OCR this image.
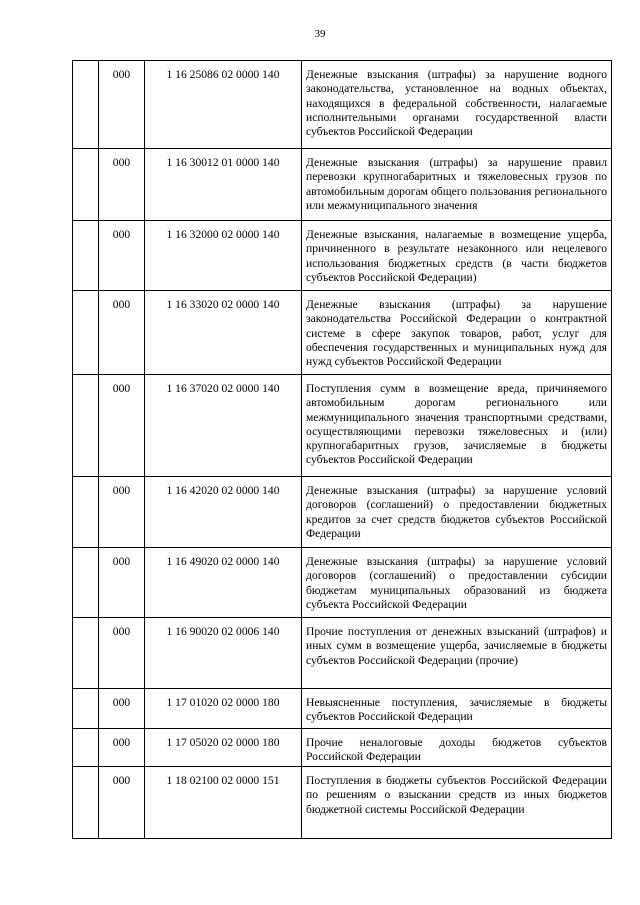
39
	000	1 16 25086 02 0000 140	Денежные взыскания (штрафы) за нарушение водного законодательства, установленное на водных объектах, находящихся в федеральной собственности, налагаемые исполнительными органами государственной власти субъектов Российской Федерации
	000	1 16 30012 01 0000 140	Денежные взыскания (штрафы) за нарушение правил перевозки крупногабаритных и тяжеловесных грузов по автомобильным дорогам общего пользования регионального или межмуниципального значения
	000	1 16 32000 02 0000 140	Денежные взыскания, налагаемые в возмещение ущерба, причиненного в результате незаконного или нецелевого использования бюджетных средств (в части бюджетов субъектов Российской Федерации)
	000	1 16 33020 02 0000 140	Денежные взыскания (штрафы) за нарушение законодательства Российской Федерации о контрактной системе в сфере закупок товаров, работ, услуг для обеспечения государственных и муниципальных нужд для нужд субъектов Российской Федерации
	000	1 16 37020 02 0000 140	Поступления сумм в возмещение вреда, причиняемого автомобильным дорогам регионального или межмуниципального значения транспортными средствами, осуществляющими перевозки тяжеловесных и (или) крупногабаритных грузов, зачисляемые в бюджеты субъектов Российской Федерации
	000	1 16 42020 02 0000 140	Денежные взыскания (штрафы) за нарушение условий договоров (соглашений) о предоставлении бюджетных кредитов за счет средств бюджетов субъектов Российской Федерации
	000	1 16 49020 02 0000 140	Денежные взыскания (штрафы) за нарушение условий договоров (соглашений) о предоставлении субсидии бюджетам муниципальных образований из бюджета субъекта Российской Федерации
	000	1 16 90020 02 0006 140	Прочие поступления от денежных взысканий (штрафов) и иных сумм в возмещение ущерба, зачисляемые в бюджеты субъектов Российской Федерации (прочие)
	000	1 17 01020 02 0000 180	Невыясненные поступления, зачисляемые в бюджеты субъектов Российской Федерации
	000	1 17 05020 02 0000 180	Прочие неналоговые доходы бюджетов субъектов Российской Федерации
	000	1 18 02100 02 0000 151	Поступления в бюджеты субъектов Российской Федерации по решениям о взыскании средств из иных бюджетов бюджетной системы Российской Федерации
